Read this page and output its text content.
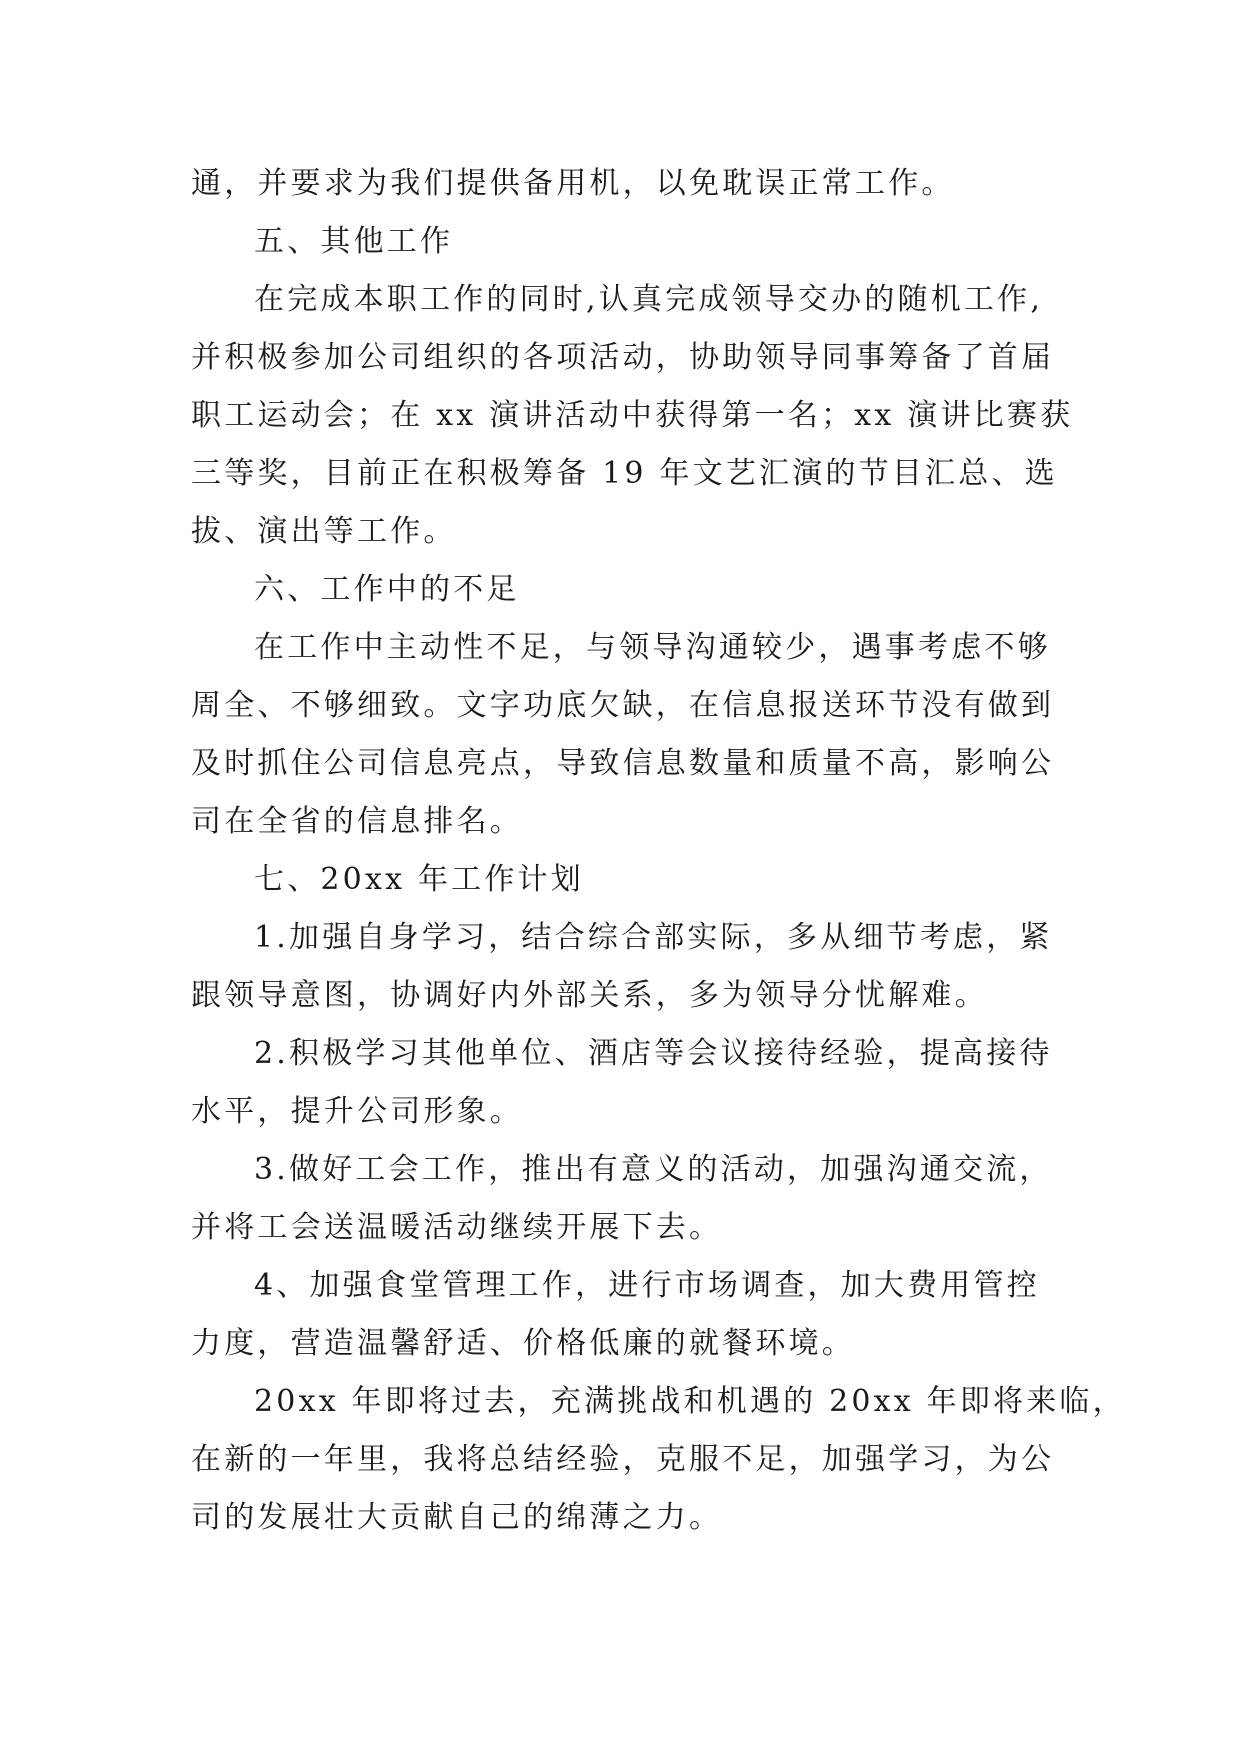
通，并要求为我们提供备用机，以免耽误正常工作。
五、其他工作
在完成本职工作的同时,认真完成领导交办的随机工作,
并积极参加公司组织的各项活动，协助领导同事筹备了首届
职工运动会；在 xx 演讲活动中获得第一名；xx 演讲比赛获
三等奖，目前正在积极筹备 19 年文艺汇演的节目汇总、选
拔、演出等工作。
六、工作中的不足
在工作中主动性不足，与领导沟通较少，遇事考虑不够
周全、不够细致。文字功底欠缺，在信息报送环节没有做到
及时抓住公司信息亮点，导致信息数量和质量不高，影响公
司在全省的信息排名。
七、20xx 年工作计划
1.加强自身学习，结合综合部实际，多从细节考虑，紧
跟领导意图，协调好内外部关系，多为领导分忧解难。
2.积极学习其他单位、酒店等会议接待经验，提高接待
水平，提升公司形象。
3.做好工会工作，推出有意义的活动，加强沟通交流，
并将工会送温暖活动继续开展下去。
4、加强食堂管理工作，进行市场调查，加大费用管控
力度，营造温馨舒适、价格低廉的就餐环境。
20xx 年即将过去，充满挑战和机遇的 20xx 年即将来临，
在新的一年里，我将总结经验，克服不足，加强学习，为公
司的发展壮大贡献自己的绵薄之力。
